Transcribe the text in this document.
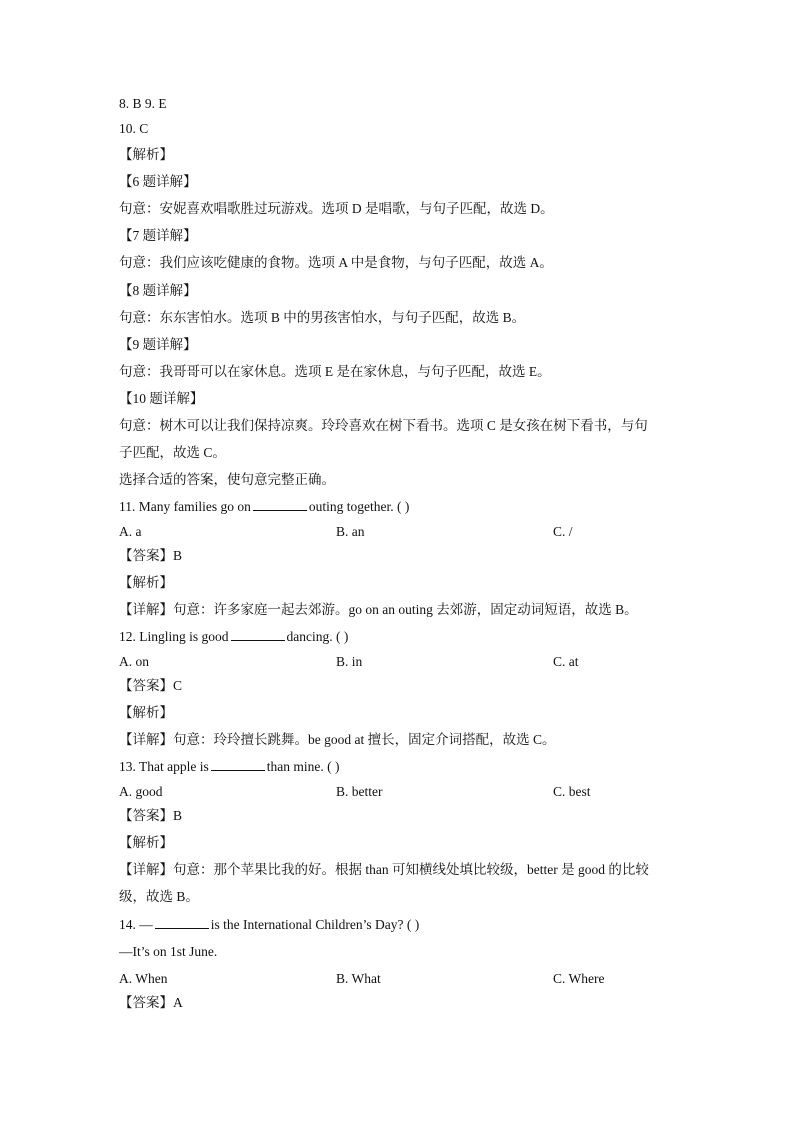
8. B 9. E
10. C
【解析】
【6 题详解】
句意：安妮喜欢唱歌胜过玩游戏。选项 D 是唱歌，与句子匹配，故选 D。
【7 题详解】
句意：我们应该吃健康的食物。选项 A 中是食物，与句子匹配，故选 A。
【8 题详解】
句意：东东害怕水。选项 B 中的男孩害怕水，与句子匹配，故选 B。
【9 题详解】
句意：我哥哥可以在家休息。选项 E 是在家休息，与句子匹配，故选 E。
【10 题详解】
句意：树木可以让我们保持凉爽。玲玲喜欢在树下看书。选项 C 是女孩在树下看书，与句
子匹配，故选 C。
选择合适的答案，使句意完整正确。
11. Many families go on	outing together. ( )
A. a	B. an	C. /
【答案】B
【解析】
【详解】句意：许多家庭一起去郊游。go on an outing 去郊游，固定动词短语，故选 B。
12. Lingling is good	dancing. ( )
A. on	B. in	C. at
【答案】C
【解析】
【详解】句意：玲玲擅长跳舞。be good at 擅长，固定介词搭配，故选 C。
13. That apple is	than mine. ( )
A. good	B. better	C. best
【答案】B
【解析】
【详解】句意：那个苹果比我的好。根据 than 可知横线处填比较级，better 是 good 的比较
级，故选 B。
14. —	is the International Children’s Day? ( )
—It’s on 1st June.
A. When	B. What	C. Where
【答案】A
